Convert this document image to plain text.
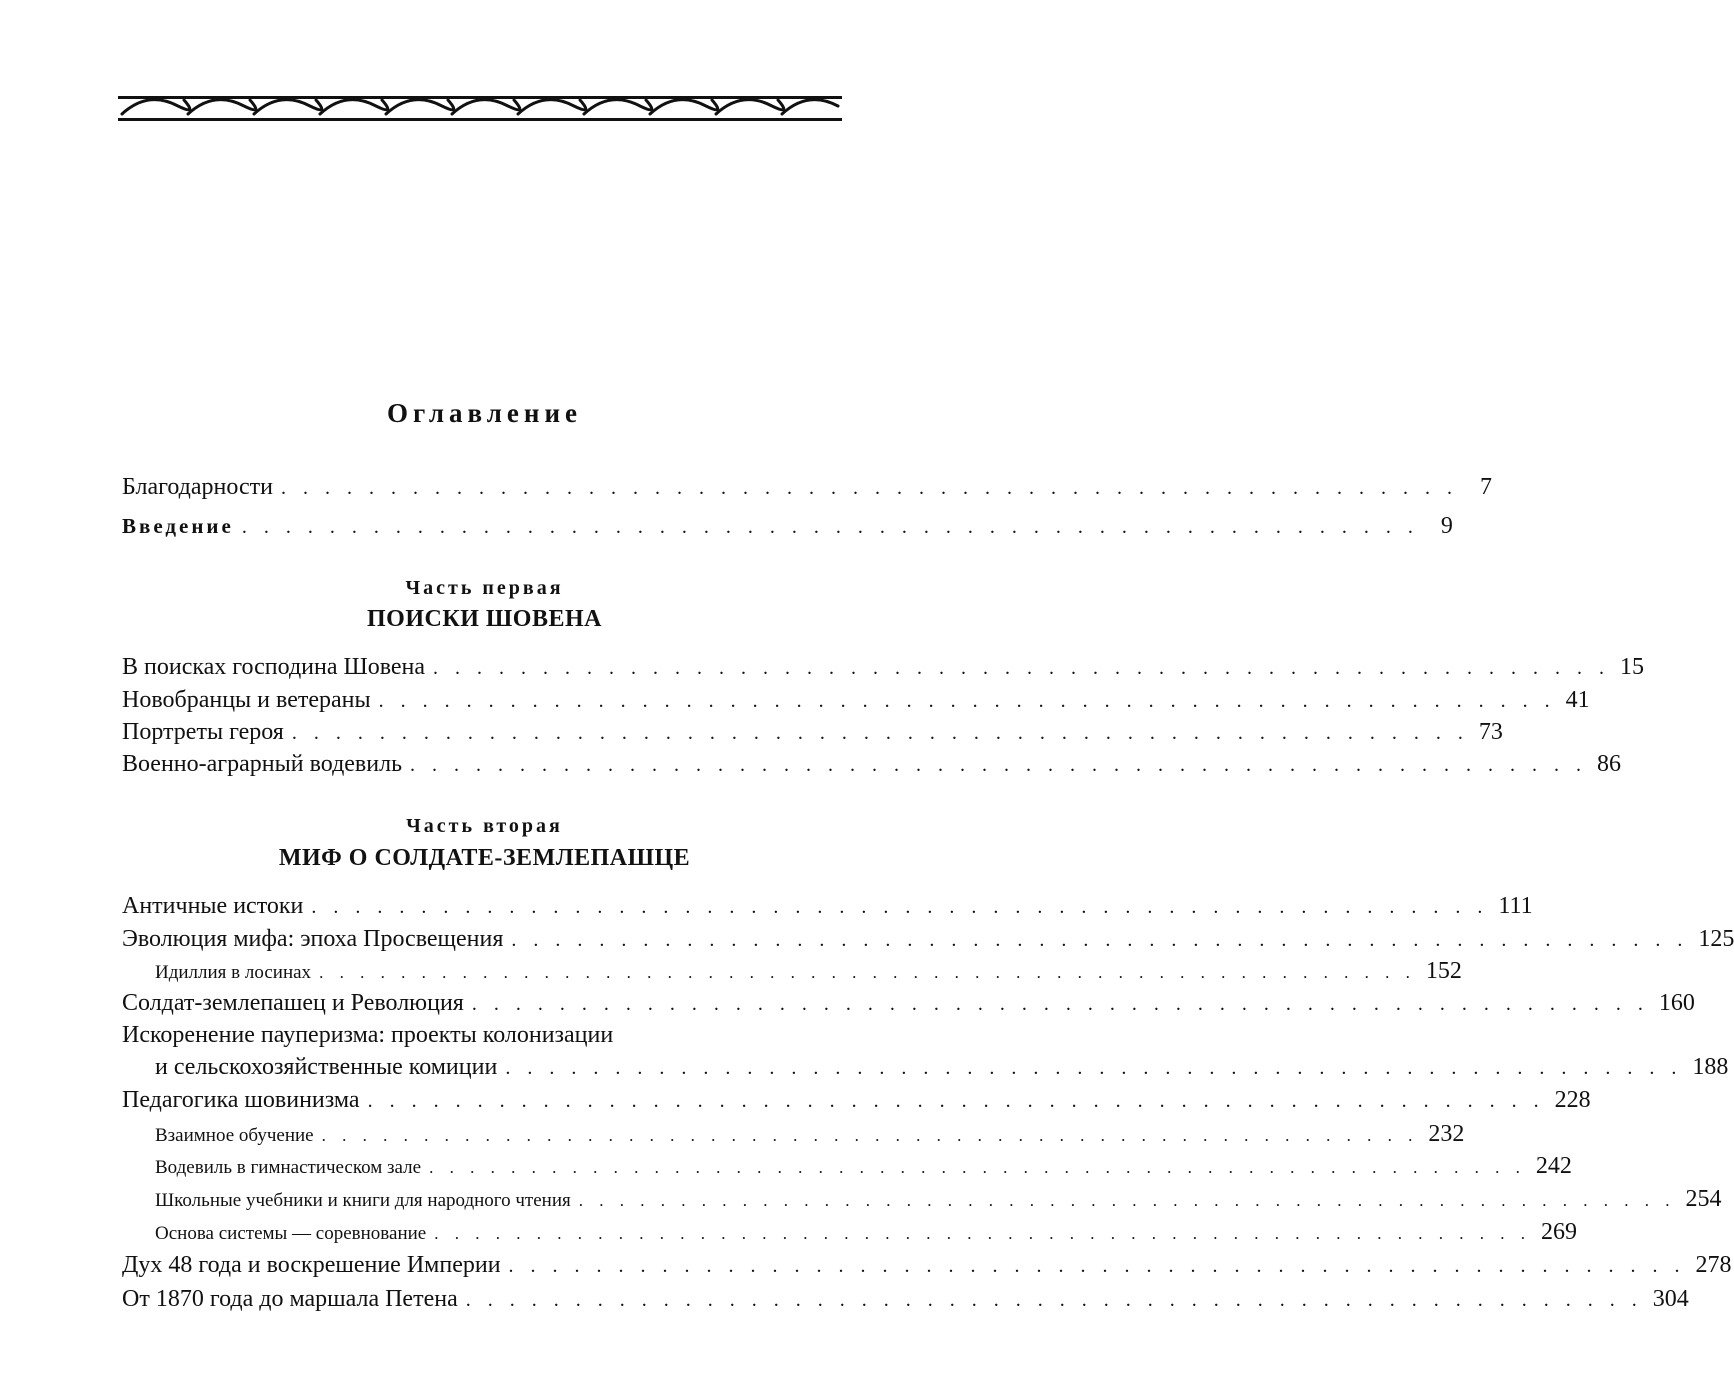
Оглавление
Благодарности . . . . . . . . . . . . . . . . . . . . . . . . . . . . . . . . . . . . . . . . . . . . . . . . . . . . . . 7
Введение . . . . . . . . . . . . . . . . . . . . . . . . . . . . . . . . . . . . . . . . . . . . . . . . . . . . . . 9
Часть первая
ПОИСКИ ШОВЕНА
В поисках господина Шовена . . . . . . . . . . . . . . . . . . . . . . . . . . . . . . . . . . . . . . . . . . . . . . . . . . . . . . 15
Новобранцы и ветераны . . . . . . . . . . . . . . . . . . . . . . . . . . . . . . . . . . . . . . . . . . . . . . . . . . . . . . 41
Портреты героя . . . . . . . . . . . . . . . . . . . . . . . . . . . . . . . . . . . . . . . . . . . . . . . . . . . . . . 73
Военно-аграрный водевиль . . . . . . . . . . . . . . . . . . . . . . . . . . . . . . . . . . . . . . . . . . . . . . . . . . . . . . 86
Часть вторая
МИФ О СОЛДАТЕ-ЗЕМЛЕПАШЦЕ
Античные истоки . . . . . . . . . . . . . . . . . . . . . . . . . . . . . . . . . . . . . . . . . . . . . . . . . . . . . . 111
Эволюция мифа: эпоха Просвещения . . . . . . . . . . . . . . . . . . . . . . . . . . . . . . . . . . . . . . . . . . . . . . . . . . . . . . 125
Идиллия в лосинах . . . . . . . . . . . . . . . . . . . . . . . . . . . . . . . . . . . . . . . . . . . . . . . . . . . . . . 152
Солдат-землепашец и Революция . . . . . . . . . . . . . . . . . . . . . . . . . . . . . . . . . . . . . . . . . . . . . . . . . . . . . . 160
Искоренение пауперизма: проекты колонизации
и сельскохозяйственные комиции . . . . . . . . . . . . . . . . . . . . . . . . . . . . . . . . . . . . . . . . . . . . . . . . . . . . . . 188
Педагогика шовинизма . . . . . . . . . . . . . . . . . . . . . . . . . . . . . . . . . . . . . . . . . . . . . . . . . . . . . . 228
Взаимное обучение . . . . . . . . . . . . . . . . . . . . . . . . . . . . . . . . . . . . . . . . . . . . . . . . . . . . . . 232
Водевиль в гимнастическом зале . . . . . . . . . . . . . . . . . . . . . . . . . . . . . . . . . . . . . . . . . . . . . . . . . . . . . . 242
Школьные учебники и книги для народного чтения . . . . . . . . . . . . . . . . . . . . . . . . . . . . . . . . . . . . . . . . . . . . . . . . . . . . . . 254
Основа системы — соревнование . . . . . . . . . . . . . . . . . . . . . . . . . . . . . . . . . . . . . . . . . . . . . . . . . . . . . . 269
Дух 48 года и воскрешение Империи . . . . . . . . . . . . . . . . . . . . . . . . . . . . . . . . . . . . . . . . . . . . . . . . . . . . . . 278
От 1870 года до маршала Петена . . . . . . . . . . . . . . . . . . . . . . . . . . . . . . . . . . . . . . . . . . . . . . . . . . . . . . 304
